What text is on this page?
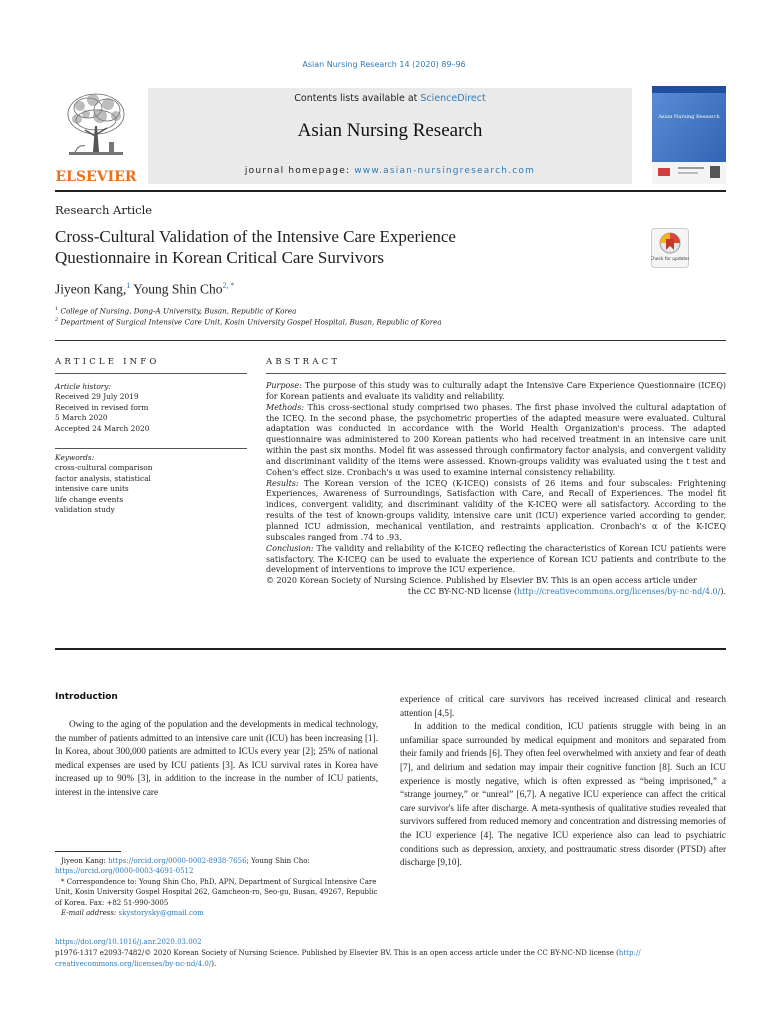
Asian Nursing Research 14 (2020) 89–96
ELSEVIER
Contents lists available at ScienceDirect
Asian Nursing Research
journal homepage: www.asian-nursingresearch.com
Asian Nursing Research
Research Article
Cross-Cultural Validation of the Intensive Care Experience
Questionnaire in Korean Critical Care Survivors	Check for updates
Jiyeon Kang,$^1$ Young Shin Cho$^{2, *}$
$^1$ College of Nursing, Dong-A University, Busan, Republic of Korea
$^2$ Department of Surgical Intensive Care Unit, Kosin University Gospel Hospital, Busan, Republic of Korea
ARTICLE INFO
Article history:
Received 29 July 2019
Received in revised form
5 March 2020
Accepted 24 March 2020
Keywords:
cross-cultural comparison
factor analysis, statistical
intensive care units
life change events
validation study
ABSTRACT

Purpose: The purpose of this study was to culturally adapt the Intensive Care Experience Questionnaire (ICEQ) for Korean patients and evaluate its validity and reliability.

Methods: This cross-sectional study comprised two phases. The first phase involved the cultural adaptation of the ICEQ. In the second phase, the psychometric properties of the adapted measure were evaluated. Cultural adaptation was conducted in accordance with the World Health Organization's process. The adapted questionnaire was administered to 200 Korean patients who had received treatment in an intensive care unit within the past six months. Model fit was assessed through confirmatory factor analysis, and convergent validity and discriminant validity of the items were assessed. Known-groups validity was evaluated using the t test and Cohen's effect size. Cronbach's α was used to examine internal consistency reliability.

Results: The Korean version of the ICEQ (K-ICEQ) consists of 26 items and four subscales: Frightening Experiences, Awareness of Surroundings, Satisfaction with Care, and Recall of Experiences. The model fit indices, convergent validity, and discriminant validity of the K-ICEQ were all satisfactory. According to the results of the test of known-groups validity, intensive care unit (ICU) experience varied according to gender, planned ICU admission, mechanical ventilation, and restraints application. Cronbach's α of the K-ICEQ subscales ranged from .74 to .93.

Conclusion: The validity and reliability of the K-ICEQ reflecting the characteristics of Korean ICU patients were satisfactory. The K-ICEQ can be used to evaluate the experience of Korean ICU patients and contribute to the development of interventions to improve the ICU experience.

© 2020 Korean Society of Nursing Science. Published by Elsevier BV. This is an open access article under

the CC BY-NC-ND license (http://creativecommons.org/licenses/by-nc-nd/4.0/).

Introduction

Owing to the aging of the population and the developments in medical technology, the number of patients admitted to an intensive care unit (ICU) has been increasing [1]. In Korea, about 300,000 patients are admitted to ICUs every year [2]; 25% of national medical expenses are used by ICU patients [3]. As ICU survival rates in Korea have increased up to 90% [3], in addition to the increase in the number of ICU patients, interest in the intensive care

experience of critical care survivors has received increased clinical and research attention [4,5].

In addition to the medical condition, ICU patients struggle with being in an unfamiliar space surrounded by medical equipment and monitors and separated from their family and friends [6]. They often feel overwhelmed with anxiety and fear of death [7], and delirium and sedation may impair their cognitive function [8]. Such an ICU experience is mostly negative, which is often expressed as “being imprisoned,” a “strange journey,” or “unreal” [6,7]. A negative ICU experience can affect the critical care survivor's life after discharge. A meta-synthesis of qualitative studies revealed that survivors suffered from reduced memory and concentration and distressing memories of the ICU experience [4]. The negative ICU experience also can lead to psychiatric conditions such as depression, anxiety, and posttraumatic stress disorder (PTSD) after discharge [9,10].

Jiyeon Kang: https://orcid.org/0000-0002-8938-7656; Young Shin Cho: https://orcid.org/0000-0003-4691-0512

* Correspondence to: Young Shin Cho, PhD, APN, Department of Surgical Intensive Care Unit, Kosin University Gospel Hospital 262, Gamcheon-ro, Seo-gu, Busan, 49267, Republic of Korea. Fax: +82 51-990-3005

E-mail address: skystorysky@gmail.com

https://doi.org/10.1016/j.anr.2020.03.002

p1976-1317 e2093-7482/© 2020 Korean Society of Nursing Science. Published by Elsevier BV. This is an open access article under the CC BY-NC-ND license (http://
creativecommons.org/licenses/by-nc-nd/4.0/).
